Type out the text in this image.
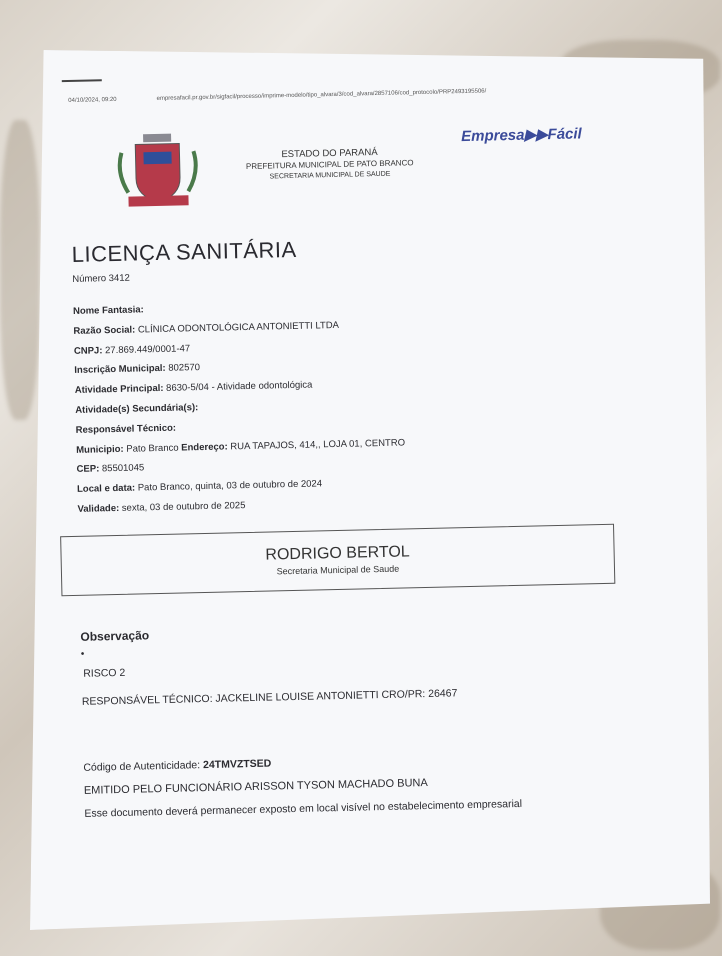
04/10/2024, 09:20	empresafacil.pr.gov.br/sigfacil/processo/imprime-modelo/tipo_alvara/3/cod_alvara/2857106/cod_protocolo/PRP2493195506/
ESTADO DO PARANÁ
PREFEITURA MUNICIPAL DE PATO BRANCO
SECRETARIA MUNICIPAL DE SAUDE
Empresa▶▶Fácil
LICENÇA SANITÁRIA
Número 3412
Nome Fantasia:
Razão Social: CLÍNICA ODONTOLÓGICA ANTONIETTI LTDA
CNPJ: 27.869.449/0001-47
Inscrição Municipal: 802570
Atividade Principal: 8630-5/04 - Atividade odontológica
Atividade(s) Secundária(s):
Responsável Técnico:
Municipio: Pato Branco Endereço: RUA TAPAJOS, 414,, LOJA 01, CENTRO
CEP: 85501045
Local e data: Pato Branco, quinta, 03 de outubro de 2024
Validade: sexta, 03 de outubro de 2025
RODRIGO BERTOL
Secretaria Municipal de Saude
Observação
•
RISCO 2
RESPONSÁVEL TÉCNICO: JACKELINE LOUISE ANTONIETTI CRO/PR: 26467
Código de Autenticidade: 24TMVZTSED
EMITIDO PELO FUNCIONÁRIO ARISSON TYSON MACHADO BUNA
Esse documento deverá permanecer exposto em local visível no estabelecimento empresarial
